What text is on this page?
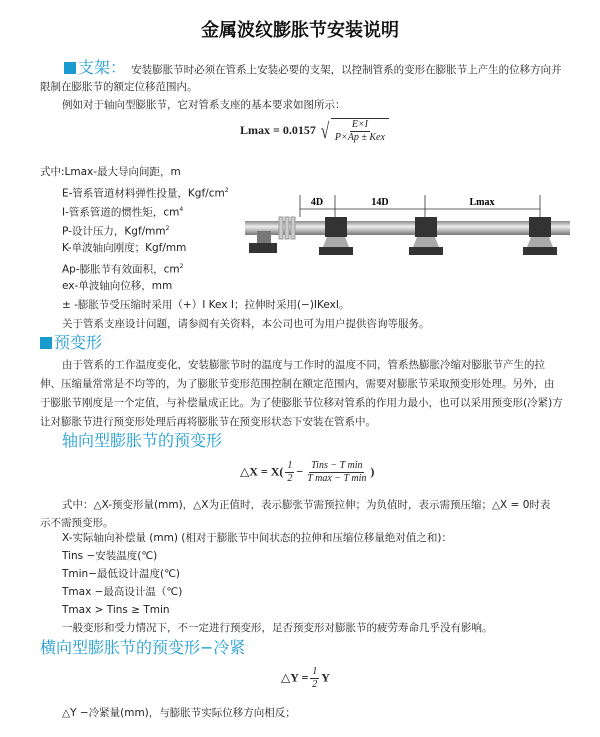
金属波纹膨胀节安装说明
支架： 安装膨胀节时必须在管系上安装必要的支架，以控制管系的变形在膨胀节上产生的位移方向并
限制在膨胀节的额定位移范围内。
例如对于轴向型膨胀节，它对管系支座的基本要求如图所示：
Lmax = 0.0157 √ $\frac{E\times I}{\text{P×Ap ± Kex}}$
式中:Lmax-最大导向间距，m
E-管系管道材料弹性投量，Kgf/$cm^2$
I-管系管道的惯性矩，$cm^4$
P-设计压力，Kgf/$mm^2$
K-单波轴向刚度；Kgf/mm
Ap-膨胀节有效面积，$cm^2$
ex-单波轴向位移，mm
± -膨胀节受压缩时采用（+）I Kex I；拉伸时采用(−)IKexI。
关于管系支座设计问题，请参阅有关资料，本公司也可为用户提供咨询等服务。
4D	14D	Lmax
预变形
由于管系的工作温度变化，安装膨胀节时的温度与工作时的温度不同，管系热膨胀冷缩对膨胀节产生的拉
伸、压缩量常常是不均等的，为了膨胀节变形范围控制在额定范围内，需要对膨胀节采取预变形处理。另外，由
于膨胀节刚度是一个定值，与补偿量成正比。为了使膨胀节位移对管系的作用力最小，也可以采用预变形(冷紧)方
让对膨胀节进行预变形处理后再将膨胀节在预变形状态下安装在管系中。
轴向型膨胀节的预变形
△X = $X( \frac{1}{2} - \frac{\text{Tins − T min}}{\text{T max − T min}}$ )
式中：△X-预变形量(mm)，△X为正值时，表示膨张节需预拉伸；为负值时，表示需预压缩；△X = 0时表
示不需预变形。
X-实际轴向补偿量 (mm) (相对于膨胀节中间状态的拉伸和压缩位移量绝对值之和)：
Tins −安装温度(℃)
Tmin−最低设计温度(℃)
Tmax −最高设计温（℃)
Tmax > Tins ≥ Tmin
一般变形和受力情况下，不一定进行预变形，足否预变形对膨胀节的疲劳寿命几乎没有影响。
横向型膨胀节的预变形−冷紧
△Y = $\frac{1}{2}$ Y
△Y −冷紧量(mm)，与膨胀节实际位移方向相反；
